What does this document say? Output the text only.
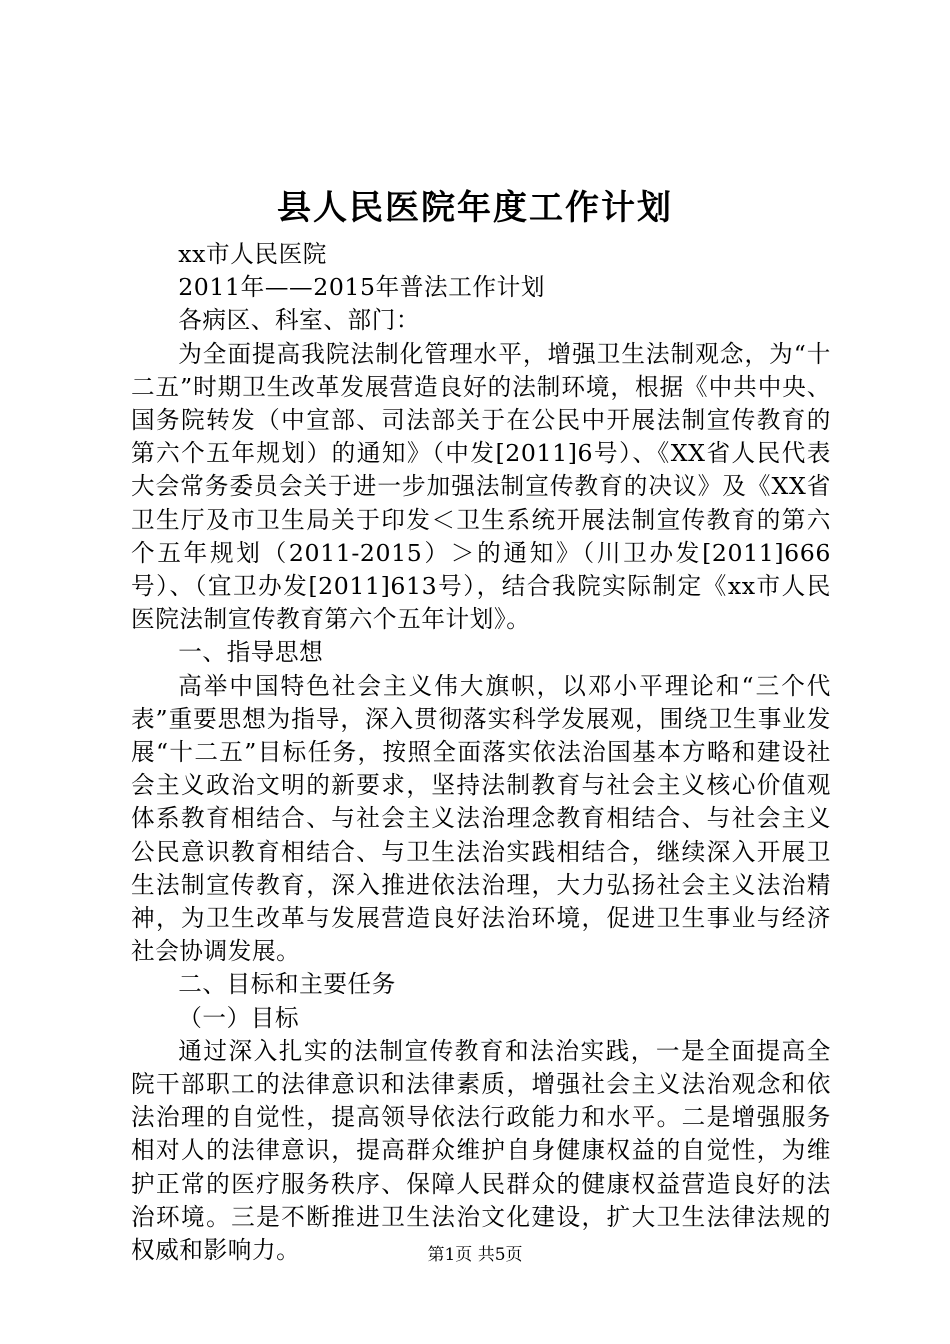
县人民医院年度工作计划

xx市人民医院

2011年——2015年普法工作计划

各病区、科室、部门：

为全面提高我院法制化管理水平，增强卫生法制观念，为“十二五”时期卫生改革发展营造良好的法制环境，根据《中共中央、国务院转发（中宣部、司法部关于在公民中开展法制宣传教育的第六个五年规划）的通知》（中发[2011]6号）、《XX省人民代表大会常务委员会关于进一步加强法制宣传教育的决议》及《XX省卫生厅及市卫生局关于印发＜卫生系统开展法制宣传教育的第六个五年规划（2011-2015）＞的通知》（川卫办发[2011]666号）、（宜卫办发[2011]613号），结合我院实际制定《xx市人民医院法制宣传教育第六个五年计划》。

一、指导思想

高举中国特色社会主义伟大旗帜，以邓小平理论和“三个代表”重要思想为指导，深入贯彻落实科学发展观，围绕卫生事业发展“十二五”目标任务，按照全面落实依法治国基本方略和建设社会主义政治文明的新要求，坚持法制教育与社会主义核心价值观体系教育相结合、与社会主义法治理念教育相结合、与社会主义公民意识教育相结合、与卫生法治实践相结合，继续深入开展卫生法制宣传教育，深入推进依法治理，大力弘扬社会主义法治精神，为卫生改革与发展营造良好法治环境，促进卫生事业与经济社会协调发展。

二、目标和主要任务

（一）目标

通过深入扎实的法制宣传教育和法治实践，一是全面提高全院干部职工的法律意识和法律素质，增强社会主义法治观念和依法治理的自觉性，提高领导依法行政能力和水平。二是增强服务相对人的法律意识，提高群众维护自身健康权益的自觉性，为维护正常的医疗服务秩序、保障人民群众的健康权益营造良好的法治环境。三是不断推进卫生法治文化建设，扩大卫生法律法规的权威和影响力。	第1页 共5页
